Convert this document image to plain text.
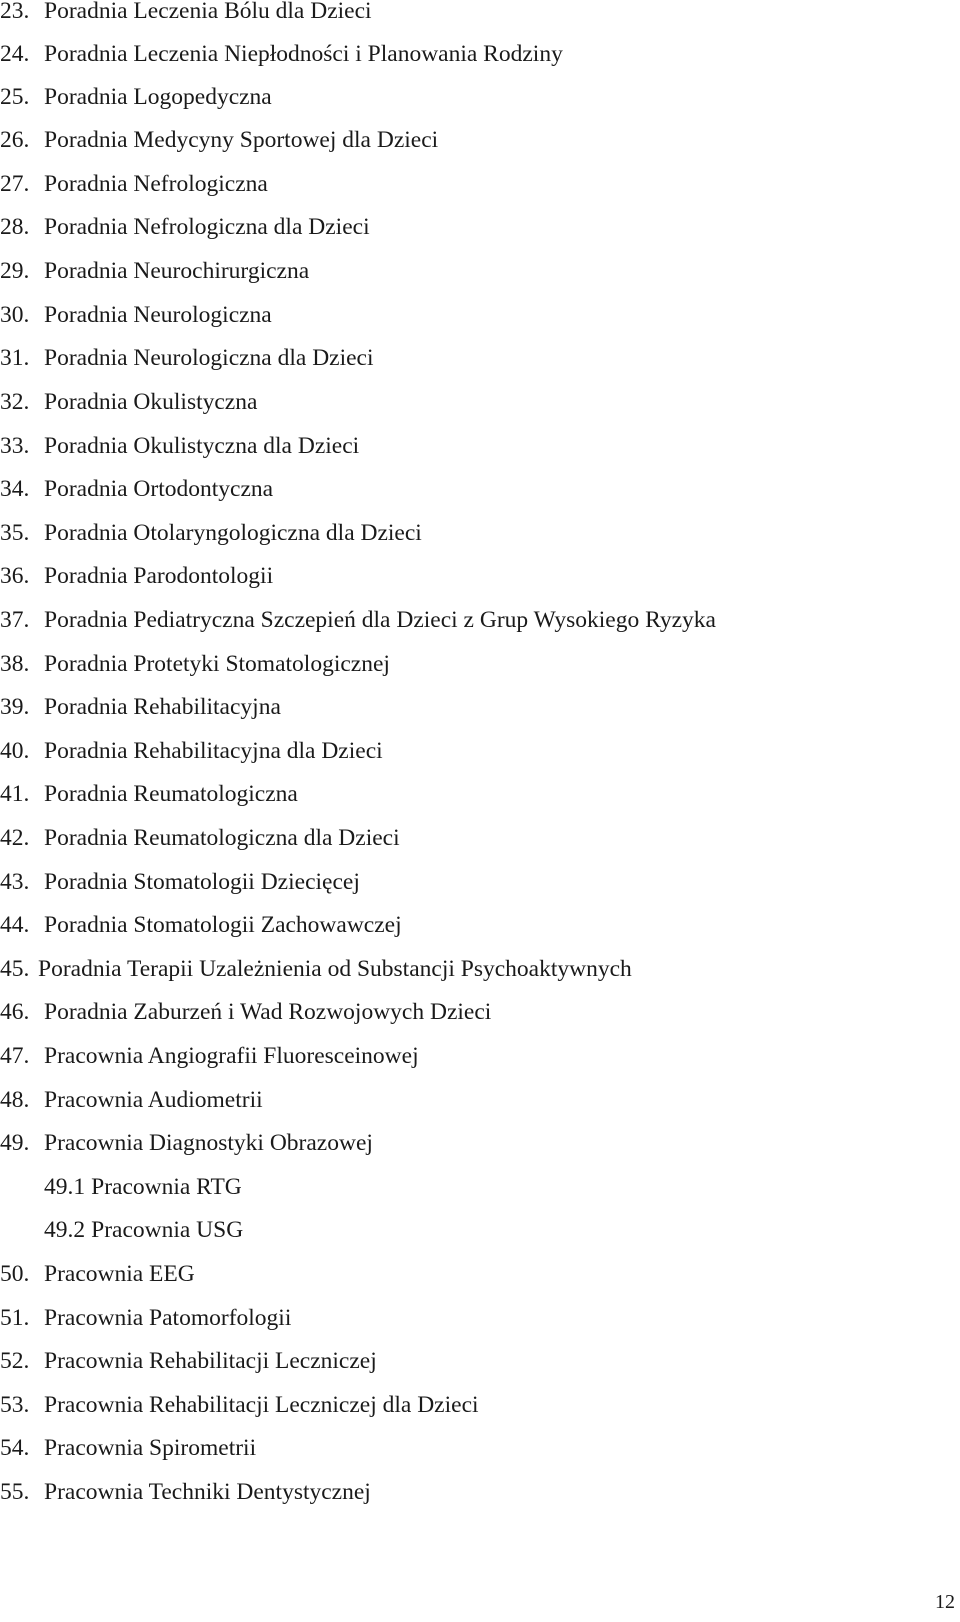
23. Poradnia Leczenia Bólu dla Dzieci
24. Poradnia Leczenia Niepłodności i Planowania Rodziny
25. Poradnia Logopedyczna
26. Poradnia Medycyny Sportowej dla Dzieci
27. Poradnia Nefrologiczna
28. Poradnia Nefrologiczna dla Dzieci
29. Poradnia Neurochirurgiczna
30. Poradnia Neurologiczna
31. Poradnia Neurologiczna dla Dzieci
32. Poradnia Okulistyczna
33. Poradnia Okulistyczna dla Dzieci
34. Poradnia Ortodontyczna
35. Poradnia Otolaryngologiczna dla Dzieci
36. Poradnia Parodontologii
37. Poradnia Pediatryczna Szczepień dla Dzieci z Grup Wysokiego Ryzyka
38. Poradnia Protetyki Stomatologicznej
39. Poradnia Rehabilitacyjna
40. Poradnia Rehabilitacyjna dla Dzieci
41. Poradnia Reumatologiczna
42. Poradnia Reumatologiczna dla Dzieci
43. Poradnia Stomatologii Dziecięcej
44. Poradnia Stomatologii Zachowawczej
45. Poradnia Terapii Uzależnienia od Substancji Psychoaktywnych
46. Poradnia Zaburzeń i Wad Rozwojowych Dzieci
47. Pracownia Angiografii Fluoresceinowej
48. Pracownia Audiometrii
49. Pracownia Diagnostyki Obrazowej
49.1 Pracownia RTG
49.2 Pracownia USG
50. Pracownia EEG
51. Pracownia Patomorfologii
52. Pracownia Rehabilitacji Leczniczej
53. Pracownia Rehabilitacji Leczniczej dla Dzieci
54. Pracownia Spirometrii
55. Pracownia Techniki Dentystycznej
12
